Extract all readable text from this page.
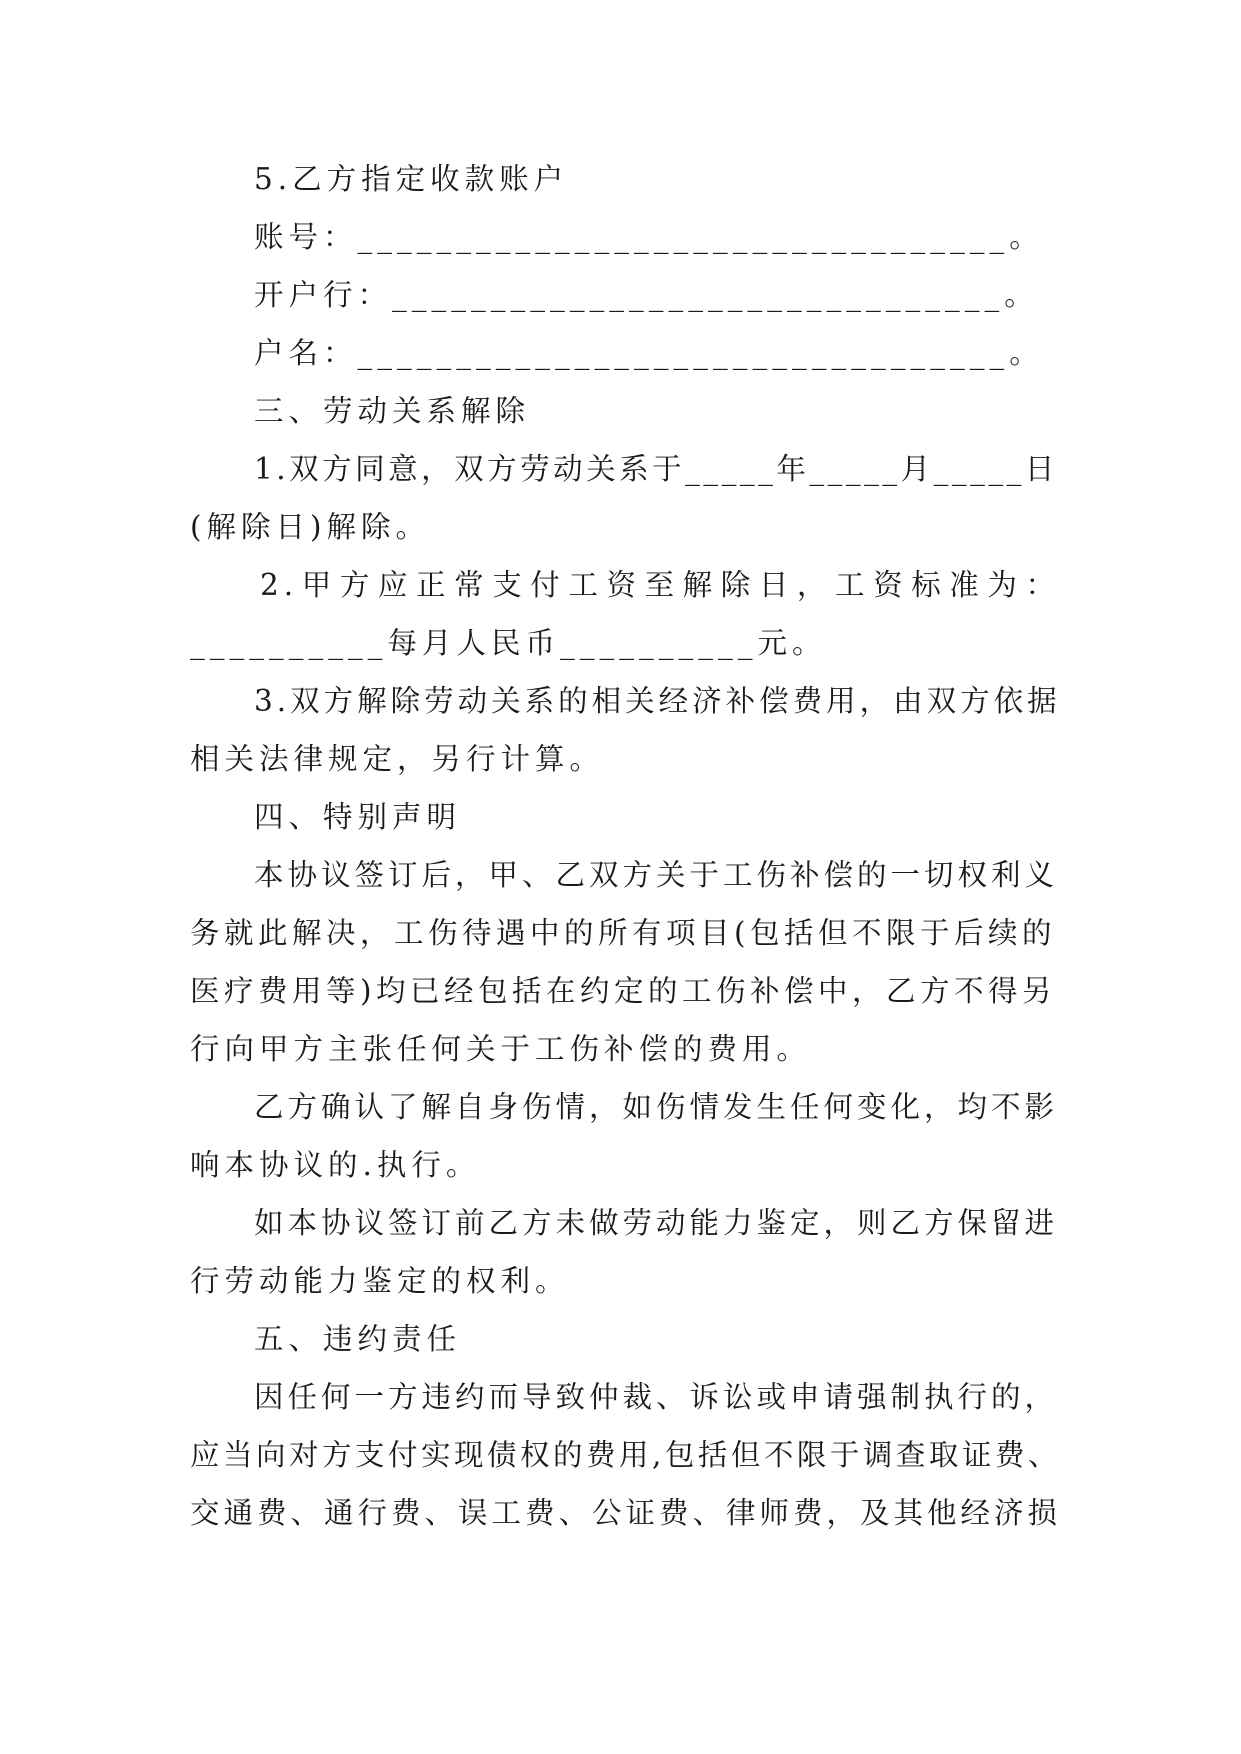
5.乙方指定收款账户
账号：_________________________________。
开户行：_______________________________。
户名：_________________________________。
三、劳动关系解除
1.双方同意，双方劳动关系于_____年_____月_____日
(解除日)解除。
2.甲方应正常支付工资至解除日，工资标准为：
__________每月人民币__________元。
3.双方解除劳动关系的相关经济补偿费用，由双方依据
相关法律规定，另行计算。
四、特别声明
本协议签订后，甲、乙双方关于工伤补偿的一切权利义
务就此解决，工伤待遇中的所有项目(包括但不限于后续的
医疗费用等)均已经包括在约定的工伤补偿中，乙方不得另
行向甲方主张任何关于工伤补偿的费用。
乙方确认了解自身伤情，如伤情发生任何变化，均不影
响本协议的.执行。
如本协议签订前乙方未做劳动能力鉴定，则乙方保留进
行劳动能力鉴定的权利。
五、违约责任
因任何一方违约而导致仲裁、诉讼或申请强制执行的，
应当向对方支付实现债权的费用,包括但不限于调查取证费、
交通费、通行费、误工费、公证费、律师费，及其他经济损
